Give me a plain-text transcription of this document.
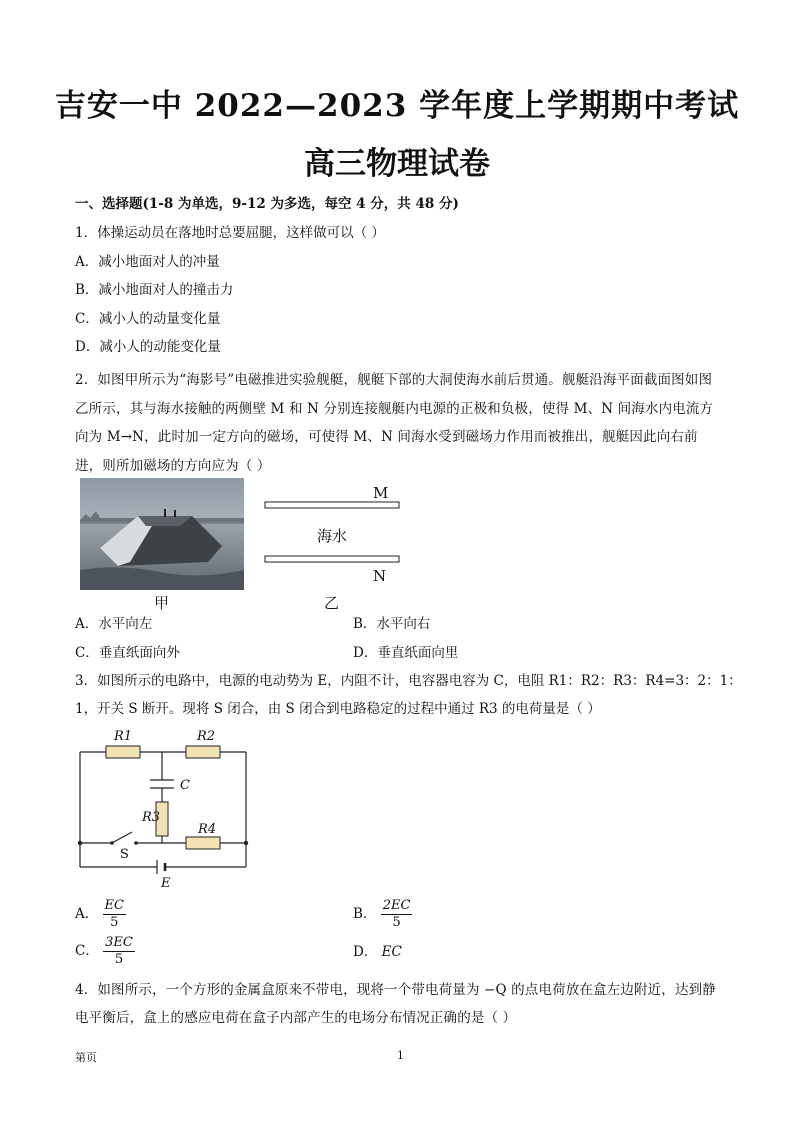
吉安一中 2022—2023 学年度上学期期中考试
高三物理试卷
一、选择题(1-8 为单选，9-12 为多选，每空 4 分，共 48 分)
1．体操运动员在落地时总要屈腿，这样做可以（ ）
A．减小地面对人的冲量
B．减小地面对人的撞击力
C．减小人的动量变化量
D．减小人的动能变化量
2．如图甲所示为“海影号”电磁推进实验舰艇，舰艇下部的大洞使海水前后贯通。舰艇沿海平面截面图如图乙所示，其与海水接触的两侧壁 M 和 N 分别连接舰艇内电源的正极和负极，使得 M、N 间海水内电流方向为 M→N，此时加一定方向的磁场，可使得 M、N 间海水受到磁场力作用而被推出，舰艇因此向右前进，则所加磁场的方向应为（ ）
M
N
海水
甲	乙
A．水平向左	B．水平向右
C．垂直纸面向外	D．垂直纸面向里
3．如图所示的电路中，电源的电动势为 E，内阻不计，电容器电容为 C，电阻 R1：R2：R3：R4=3：2：1：
1，开关 S 断开。现将 S 闭合，由 S 闭合到电路稳定的过程中通过 R3 的电荷量是（ ）
R1	R2
C
R3
R4
S
E
A． $\frac{EC}{5}$	B． $\frac{2EC}{5}$
C． $\frac{3EC}{5}$	D． EC
4．如图所示，一个方形的金属盒原来不带电，现将一个带电荷量为 −Q 的点电荷放在盒左边附近，达到静电平衡后，盒上的感应电荷在盒子内部产生的电场分布情况正确的是（ ）
第页	1
